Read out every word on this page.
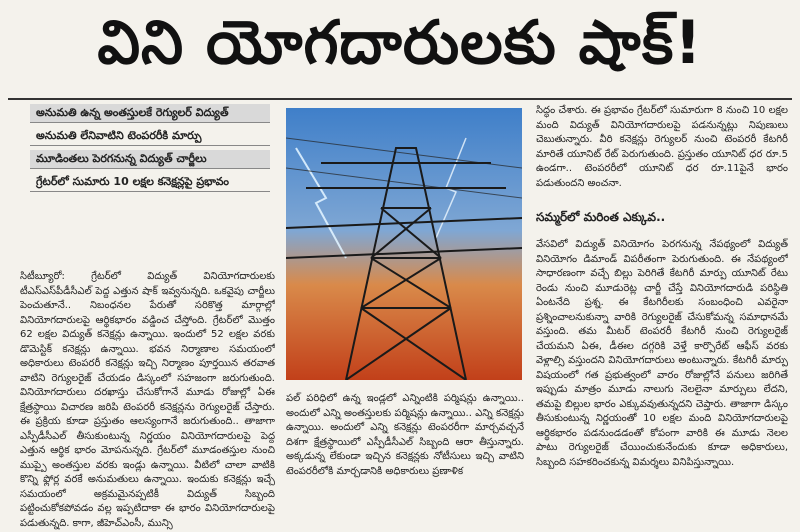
విని యోగదారులకు షాక్!
అనుమతి ఉన్న అంతస్తులకే రెగ్యులర్ విద్యుత్
అనుమతి లేనివాటిని టెంపరరీకి మార్పు
మూడింతలు పెరగనున్న విద్యుత్ చార్జీలు
గ్రేటర్‌లో సుమారు 10 లక్షల కనెక్షన్లపై ప్రభావం
సిటీబ్యూరో: గ్రేటర్‌లో విద్యుత్ వినియోగదారులకు టీఎస్ఎస్‌పీడీసీఎల్ పెద్ద ఎత్తున షాక్ ఇవ్వనున్నది. ఒకవైపు చార్జీలు పెంచుతూనే.. నిబంధనల పేరుతో సరికొత్త మార్గాల్లో వినియోగదారులపై ఆర్థికభారం వడ్డించ చేస్తోంది. గ్రేటర్‌లో మొత్తం 62 లక్షల విద్యుత్ కనెక్షన్లు ఉన్నాయి. ఇందులో 52 లక్షల వరకు డొమెస్టిక్ కనెక్షన్లు ఉన్నాయి. భవన నిర్మాణాల సమయంలో అధికారులు టెంపరరీ కనెక్షన్లు ఇచ్చి నిర్మాణం పూర్తయిన తరవాత వాటిని రెగ్యులరైజ్ చేయడం డిస్కంలో సహజంగా జరుగుతుంది. వినియోగదారులు దరఖాస్తు చేసుకోగానే మూడు రోజుల్లో ఏఈ క్షేత్రస్థాయి విచారణ జరిపి టెంపరరీ కనెక్షన్లను రెగ్యులరైజ్ చేస్తారు. ఈ ప్రక్రియ కూడా ప్రస్తుతం ఆలస్యంగానే జరుగుతుంది.. తాజాగా ఎస్పీడీసీఎల్ తీసుకుంటున్న నిర్ణయం వినియోగదారులపై పెద్ద ఎత్తున ఆర్థిక భారం మోపనున్నది. గ్రేటర్‌లో మూడంతస్తుల నుంచి ముప్పై అంతస్తుల వరకు ఇండ్లు ఉన్నాయి. వీటిలో చాలా వాటికి కొన్ని ఫ్లోర్ల వరకే అనుమతులు ఉన్నాయి. ఇందుకు కనెక్షన్లు ఇచ్చే సమయంలో అక్రమమైనప్పటికీ విద్యుత్ సిబ్బంది పట్టించుకోకపోవడం వల్ల ఇప్పటిదాకా ఈ భారం వినియోగదారులపై పడుతున్నది. కాగా, జీహెచ్ఎంసీ, మున్సి
పల్ పరిధిలో ఉన్న ఇండ్లలో ఎన్నింటికి పర్మిషన్లు ఉన్నాయి.. అందులో ఎన్ని అంతస్తులకు పర్మిషన్లు ఉన్నాయి.. ఎన్ని కనెక్షన్లు ఉన్నాయి. అందులో ఎన్ని కనెక్షన్లు టెంపరరీగా మార్చవచ్చనే దిశగా క్షేత్రస్థాయిలో ఎస్పీడీసీఎల్ సిబ్బంది ఆరా తీస్తున్నారు. అక్కడున్న లేకుండా ఇచ్చిన కనెక్షన్లకు నోటీసులు ఇచ్చి వాటిని టెంపరరీలోకి మార్చడానికి అధికారులు ప్రణాళిక
సిద్ధం చేశారు. ఈ ప్రభావం గ్రేటర్‌లో సుమారుగా 8 నుంచి 10 లక్షల మంది విద్యుత్ వినియోగదారులపై పడనున్నట్లు నిపుణులు చెబుతున్నారు. వీరి కనెక్షన్లు రెగ్యులర్ నుంచి టెంపరరీ కేటగిరీ మారితే యూనిట్ రేట్ పెరుగుతుంది. ప్రస్తుతం యూనిట్ ధర రూ.5 ఉండగా.. టెంపరరీలో యూనిట్ ధర రూ.11పైనే భారం పడుతుందని అంచనా.
సమ్మర్‌లో మరింత ఎక్కువ..
వేసవిలో విద్యుత్ వినియోగం పెరగనున్న నేపథ్యంలో విద్యుత్ వినియోగం డిమాండ్ విపరీతంగా పెరుగుతుంది. ఈ నేపథ్యంలో సాధారణంగా వచ్చే బిల్లు పెరిగితే కేటగిరీ మార్పు యూనిట్ రేటు రెండు నుంచి మూడురెట్ల చార్జీ చేస్తే వినియోగదారుడి పరిస్థితి ఏంటనేది ప్రశ్న. ఈ కేటగిరీలకు సంబంధించి ఎవరైనా ప్రశ్నించాలనుకున్నా వారికి రెగ్యులరైజ్ చేసుకోమన్న సమాధానమే వస్తుంది. తమ మీటర్ టెంపరరీ కేటగిరీ నుంచి రెగ్యులరైజ్ చేయమని ఏఈ, డీఈల దగ్గరికి వెళ్తే కార్పొరేట్ ఆఫీస్ వరకు వెళ్లాల్సి వస్తుందని వినియోగదారులు అంటున్నారు. కేటగిరీ మార్పు విషయంలో గత ప్రభుత్వంలో వారం రోజుల్లోనే పనులు జరిగితే ఇప్పుడు మాత్రం మూడు నాలుగు నెలలైనా మార్పులు లేదని, తమపై బిల్లుల భారం ఎక్కువవుతున్నదని చెప్తారు. తాజాగా డిస్కం తీసుకుంటున్న నిర్ణయంతో 10 లక్షల మంది వినియోగదారులపై ఆర్థికభారం పడనుండడంతో కోపంగా వారికి ఈ మూడు నెలల పాటు రెగ్యులరైజ్ చేయించుకునేందుకు కూడా అధికారులు, సిబ్బంది సహకరించకున్న విమర్శలు వినిపిస్తున్నాయి.
